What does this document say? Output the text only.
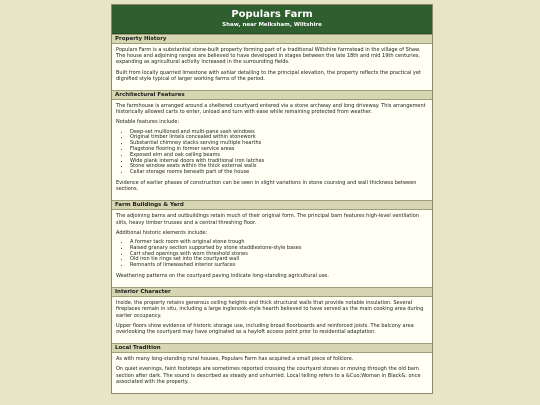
Populars Farm
Shaw, near Melksham, Wiltshire
Property History

Populars Farm is a substantial stone-built property forming part of a traditional Wiltshire farmstead in the village of Shaw. The house and adjoining ranges are believed to have developed in stages between the late 18th and mid 19th centuries, expanding as agricultural activity increased in the surrounding fields.

Built from locally quarried limestone with ashlar detailing to the principal elevation, the property reflects the practical yet dignified style typical of larger working farms of the period.

Architectural Features

The farmhouse is arranged around a sheltered courtyard entered via a stone archway and long driveway. This arrangement historically allowed carts to enter, unload and turn with ease while remaining protected from weather.

Notable features include:

• Deep-set mullioned and multi-pane sash windows
• Original timber lintels concealed within stonework
• Substantial chimney stacks serving multiple hearths
• Flagstone flooring in former service areas
• Exposed elm and oak ceiling beams
• Wide plank internal doors with traditional iron latches
• Stone window seats within the thick external walls
• Cellar storage rooms beneath part of the house

Evidence of earlier phases of construction can be seen in slight variations in stone coursing and wall thickness between sections.

Farm Buildings & Yard

The adjoining barns and outbuildings retain much of their original form. The principal barn features high-level ventilation slits, heavy timber trusses and a central threshing floor.

Additional historic elements include:

• A former tack room with original stone trough
• Raised granary section supported by stone staddlestone-style bases
• Cart shed openings with worn threshold stones
• Old iron tie rings set into the courtyard wall
• Remnants of limewashed interior surfaces

Weathering patterns on the courtyard paving indicate long-standing agricultural use.

Interior Character

Inside, the property retains generous ceiling heights and thick structural walls that provide notable insulation. Several fireplaces remain in situ, including a large inglenook-style hearth believed to have served as the main cooking area during earlier occupancy.

Upper floors show evidence of historic storage use, including broad floorboards and reinforced joists. The balcony area overlooking the courtyard may have originated as a hayloft access point prior to residential adaptation.

Local Tradition

As with many long-standing rural houses, Populars Farm has acquired a small piece of folklore.

On quiet evenings, faint footsteps are sometimes reported crossing the courtyard stones or moving through the old barn section after dark. The sound is described as steady and unhurried. Local telling refers to a &Cuo;Woman in Black&; once associated with the property.
